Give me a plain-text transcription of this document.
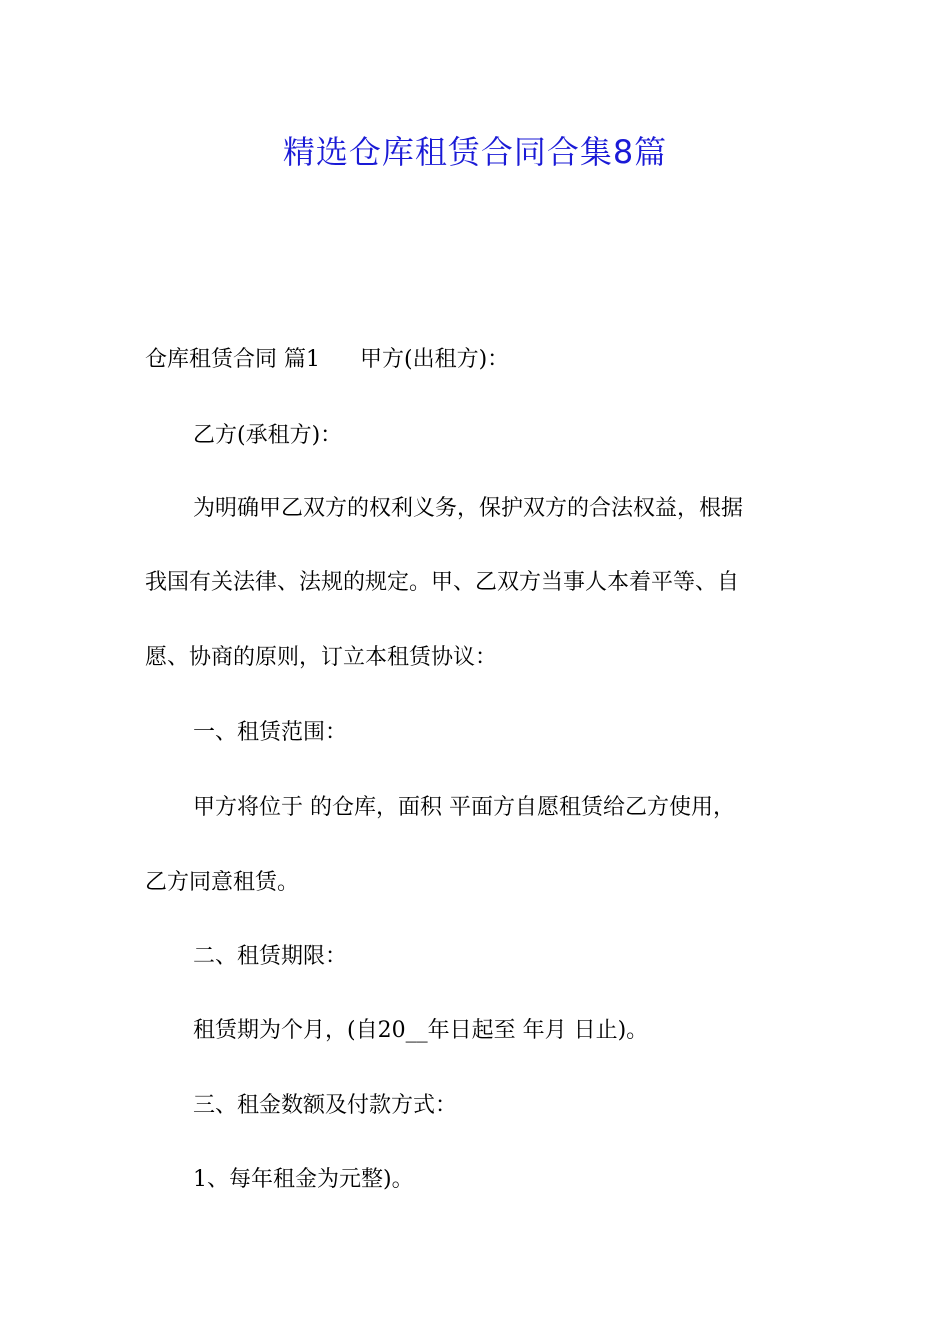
精选仓库租赁合同合集8篇
仓库租赁合同 篇1 甲方(出租方)：
乙方(承租方)：
为明确甲乙双方的权利义务，保护双方的合法权益，根据
我国有关法律、法规的规定。甲、乙双方当事人本着平等、自
愿、协商的原则，订立本租赁协议：
一、租赁范围：
甲方将位于 的仓库，面积 平面方自愿租赁给乙方使用，
乙方同意租赁。
二、租赁期限：
租赁期为个月，(自20__年日起至 年月 日止)。
三、租金数额及付款方式：
1、每年租金为元整)。
